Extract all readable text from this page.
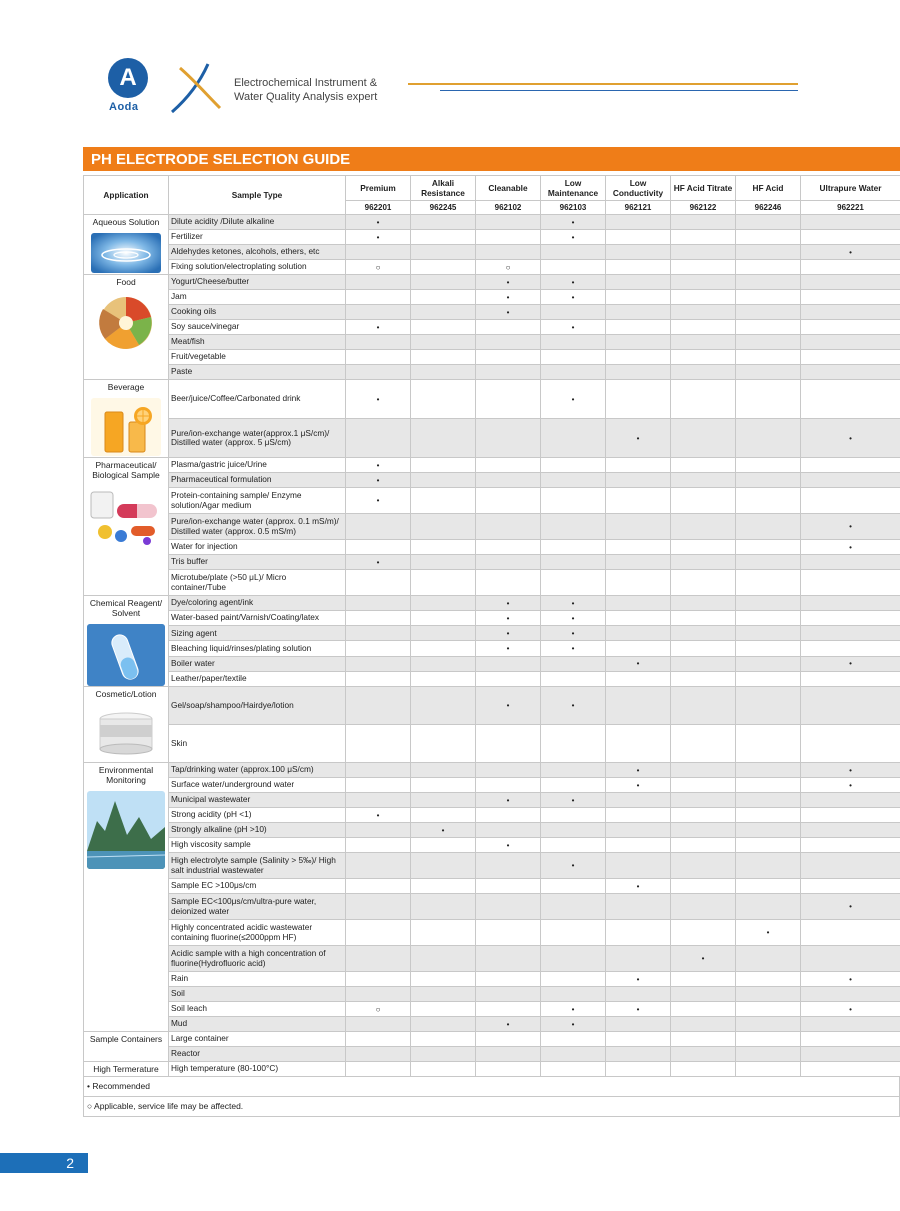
A
Aoda
Electrochemical Instrument &
Water Quality Analysis expert
PH ELECTRODE SELECTION GUIDE
Application	Sample Type	Premium	Alkali Resistance	Cleanable	Low Maintenance	Low Conductivity	HF Acid Titrate	HF Acid	Ultrapure Water
		962201	962245	962102	962103	962121	962122	962246	962221

Aqueous Solution	Dilute acidity /Dilute alkaline	•			•				
	Fertilizer	•			•				
	Aldehydes ketones, alcohols, ethers, etc								•
	Fixing solution/electroplating solution	○		○					

Food	Yogurt/Cheese/butter			•	•				
	Jam			•	•				
	Cooking oils			•					
	Soy sauce/vinegar	•			•				
	Meat/fish								
	Fruit/vegetable								
	Paste								

Beverage	Beer/juice/Coffee/Carbonated drink	•			•				
	Pure/ion-exchange water(approx.1 μS/cm)/ Distilled water (approx. 5 μS/cm)					•			•

Pharmaceutical/ Biological Sample	Plasma/gastric juice/Urine	•							
	Pharmaceutical formulation	•							
	Protein-containing sample/ Enzyme solution/Agar medium	•							
	Pure/ion-exchange water (approx. 0.1 mS/m)/ Distilled water (approx. 0.5 mS/m)								•
	Water for injection								•
	Tris buffer	•							
	Microtube/plate (>50 μL)/ Micro container/Tube								

Chemical Reagent/ Solvent	Dye/coloring agent/ink			•	•				
	Water-based paint/Varnish/Coating/latex			•	•				
	Sizing agent			•	•				
	Bleaching liquid/rinses/plating solution			•	•				
	Boiler water					•			•
	Leather/paper/textile								

Cosmetic/Lotion	Gel/soap/shampoo/Hairdye/lotion			•	•				
	Skin								

Environmental Monitoring	Tap/drinking water (approx.100 μS/cm)					•			•
	Surface water/underground water					•			•
	Municipal wastewater			•	•				
	Strong acidity (pH <1)	•							
	Strongly alkaline (pH >10)		•						
	High viscosity sample			•					
	High electrolyte sample (Salinity > 5‰)/ High salt industrial wastewater				•				
	Sample EC >100μs/cm					•			
	Sample EC<100μs/cm/ultra-pure water, deionized water								•
	Highly concentrated acidic wastewater containing fluorine(≤2000ppm HF)							•	
	Acidic sample with a high concentration of fluorine(Hydrofluoric acid)						•		
	Rain					•			•
	Soil								
	Soil leach	○			•	•			•
	Mud			•	•				

Sample Containers	Large container								
	Reactor								

High Termerature	High temperature (80-100°C)								
• Recommended
○ Applicable, service life may be affected.
2
